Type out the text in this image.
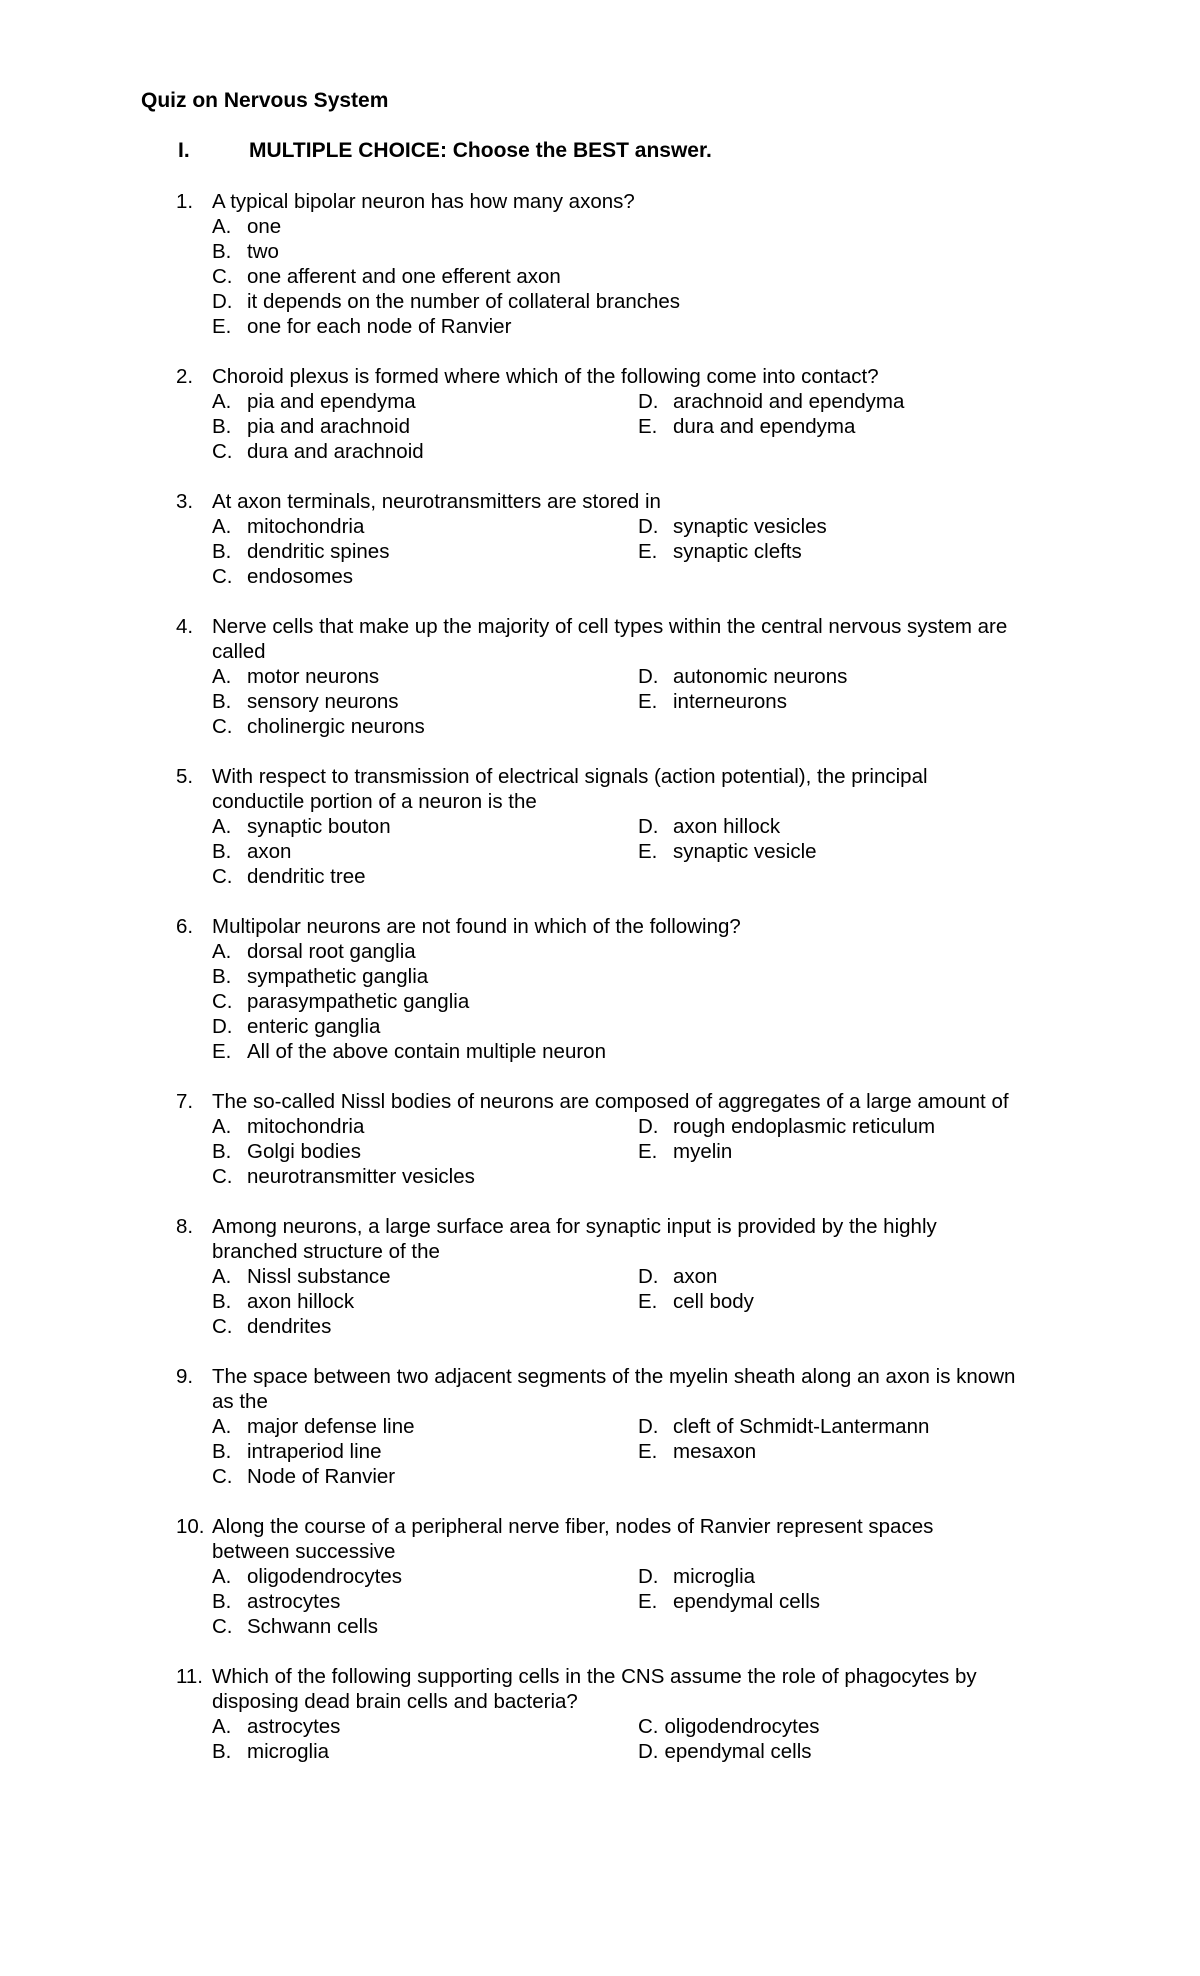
Quiz on Nervous System
I.	MULTIPLE CHOICE: Choose the BEST answer.
1. A typical bipolar neuron has how many axons?
A. one
B. two
C. one afferent and one efferent axon
D. it depends on the number of collateral branches
E. one for each node of Ranvier
2. Choroid plexus is formed where which of the following come into contact?
A. pia and ependyma	D. arachnoid and ependyma
B. pia and arachnoid	E. dura and ependyma
C. dura and arachnoid
3. At axon terminals, neurotransmitters are stored in
A. mitochondria	D. synaptic vesicles
B. dendritic spines	E. synaptic clefts
C. endosomes
4. Nerve cells that make up the majority of cell types within the central nervous system are
called
A. motor neurons	D. autonomic neurons
B. sensory neurons	E. interneurons
C. cholinergic neurons
5. With respect to transmission of electrical signals (action potential), the principal
conductile portion of a neuron is the
A. synaptic bouton	D. axon hillock
B. axon	E. synaptic vesicle
C. dendritic tree
6. Multipolar neurons are not found in which of the following?
A. dorsal root ganglia
B. sympathetic ganglia
C. parasympathetic ganglia
D. enteric ganglia
E. All of the above contain multiple neuron
7. The so-called Nissl bodies of neurons are composed of aggregates of a large amount of
A. mitochondria	D. rough endoplasmic reticulum
B. Golgi bodies	E. myelin
C. neurotransmitter vesicles
8. Among neurons, a large surface area for synaptic input is provided by the highly
branched structure of the
A. Nissl substance	D. axon
B. axon hillock	E. cell body
C. dendrites
9. The space between two adjacent segments of the myelin sheath along an axon is known
as the
A. major defense line	D. cleft of Schmidt-Lantermann
B. intraperiod line	E. mesaxon
C. Node of Ranvier
10. Along the course of a peripheral nerve fiber, nodes of Ranvier represent spaces
between successive
A. oligodendrocytes	D. microglia
B. astrocytes	E. ependymal cells
C. Schwann cells
11. Which of the following supporting cells in the CNS assume the role of phagocytes by
disposing dead brain cells and bacteria?
A. astrocytes	C. oligodendrocytes
B. microglia	D. ependymal cells
